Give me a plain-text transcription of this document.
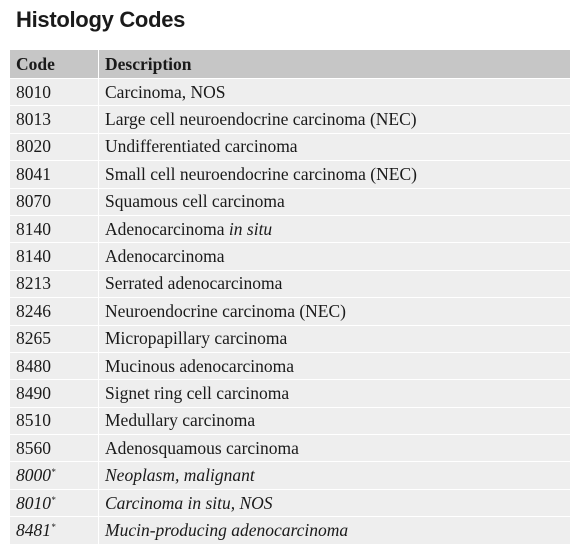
Histology Codes
Code	Description
8010	Carcinoma, NOS
8013	Large cell neuroendocrine carcinoma (NEC)
8020	Undifferentiated carcinoma
8041	Small cell neuroendocrine carcinoma (NEC)
8070	Squamous cell carcinoma
8140	Adenocarcinoma in situ
8140	Adenocarcinoma
8213	Serrated adenocarcinoma
8246	Neuroendocrine carcinoma (NEC)
8265	Micropapillary carcinoma
8480	Mucinous adenocarcinoma
8490	Signet ring cell carcinoma
8510	Medullary carcinoma
8560	Adenosquamous carcinoma
8000*	Neoplasm, malignant
8010*	Carcinoma in situ, NOS
8481*	Mucin-producing adenocarcinoma
